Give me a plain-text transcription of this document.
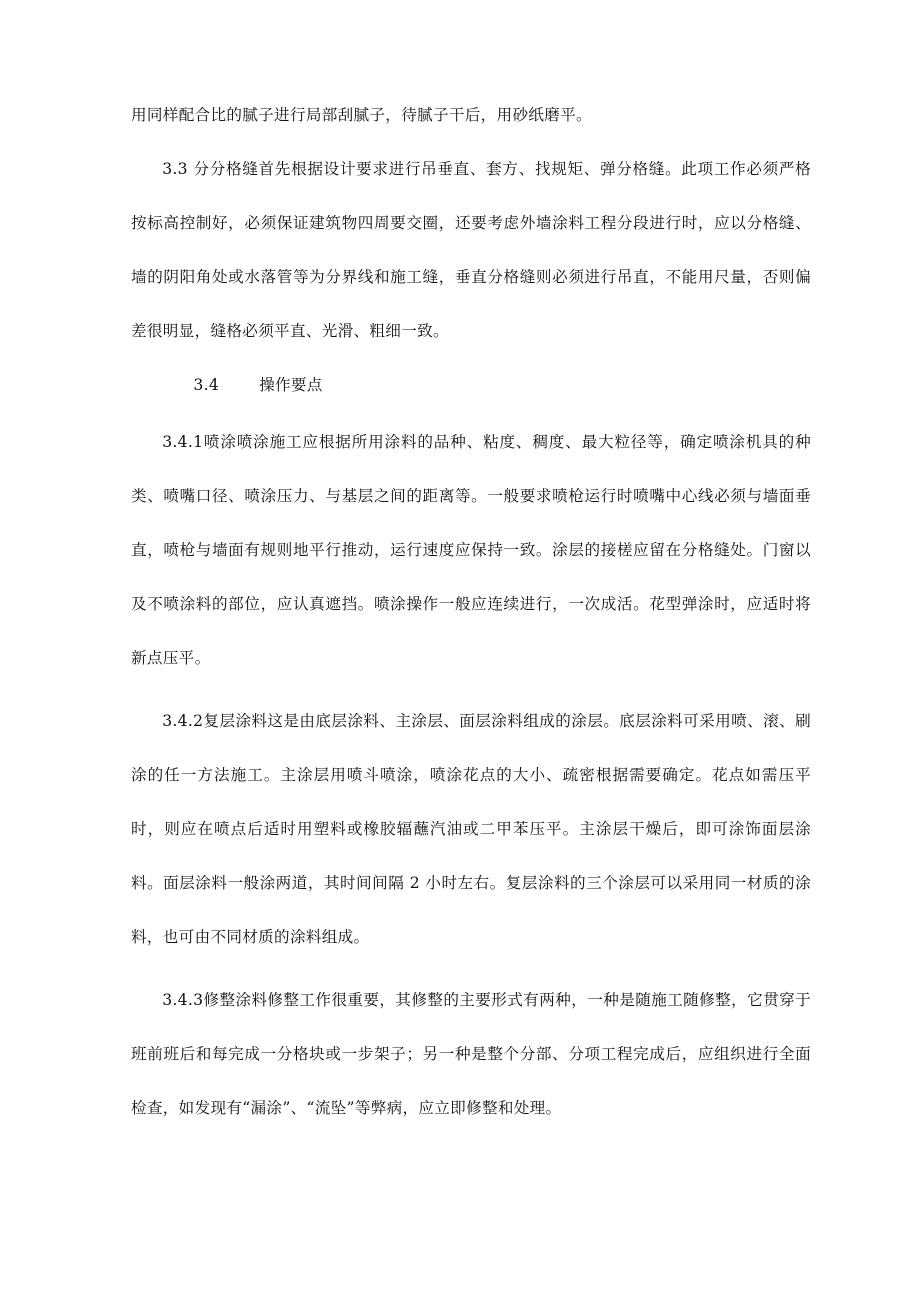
用同样配合比的腻子进行局部刮腻子，待腻子干后，用砂纸磨平。

3.3 分分格缝首先根据设计要求进行吊垂直、套方、找规矩、弹分格缝。此项工作必须严格按标高控制好，必须保证建筑物四周要交圈，还要考虑外墙涂料工程分段进行时，应以分格缝、墙的阴阳角处或水落管等为分界线和施工缝，垂直分格缝则必须进行吊直，不能用尺量，否则偏差很明显，缝格必须平直、光滑、粗细一致。

3.4	操作要点

3.4.1喷涂喷涂施工应根据所用涂料的品种、粘度、稠度、最大粒径等，确定喷涂机具的种类、喷嘴口径、喷涂压力、与基层之间的距离等。一般要求喷枪运行时喷嘴中心线必须与墙面垂直，喷枪与墙面有规则地平行推动，运行速度应保持一致。涂层的接槎应留在分格缝处。门窗以及不喷涂料的部位，应认真遮挡。喷涂操作一般应连续进行，一次成活。花型弹涂时，应适时将新点压平。

3.4.2复层涂料这是由底层涂料、主涂层、面层涂料组成的涂层。底层涂料可采用喷、滚、刷涂的任一方法施工。主涂层用喷斗喷涂，喷涂花点的大小、疏密根据需要确定。花点如需压平时，则应在喷点后适时用塑料或橡胶辐蘸汽油或二甲苯压平。主涂层干燥后，即可涂饰面层涂料。面层涂料一般涂两道，其时间间隔 2 小时左右。复层涂料的三个涂层可以采用同一材质的涂料，也可由不同材质的涂料组成。

3.4.3修整涂料修整工作很重要，其修整的主要形式有两种，一种是随施工随修整，它贯穿于班前班后和每完成一分格块或一步架子；另一种是整个分部、分项工程完成后，应组织进行全面检查，如发现有“漏涂”、“流坠”等弊病，应立即修整和处理。
